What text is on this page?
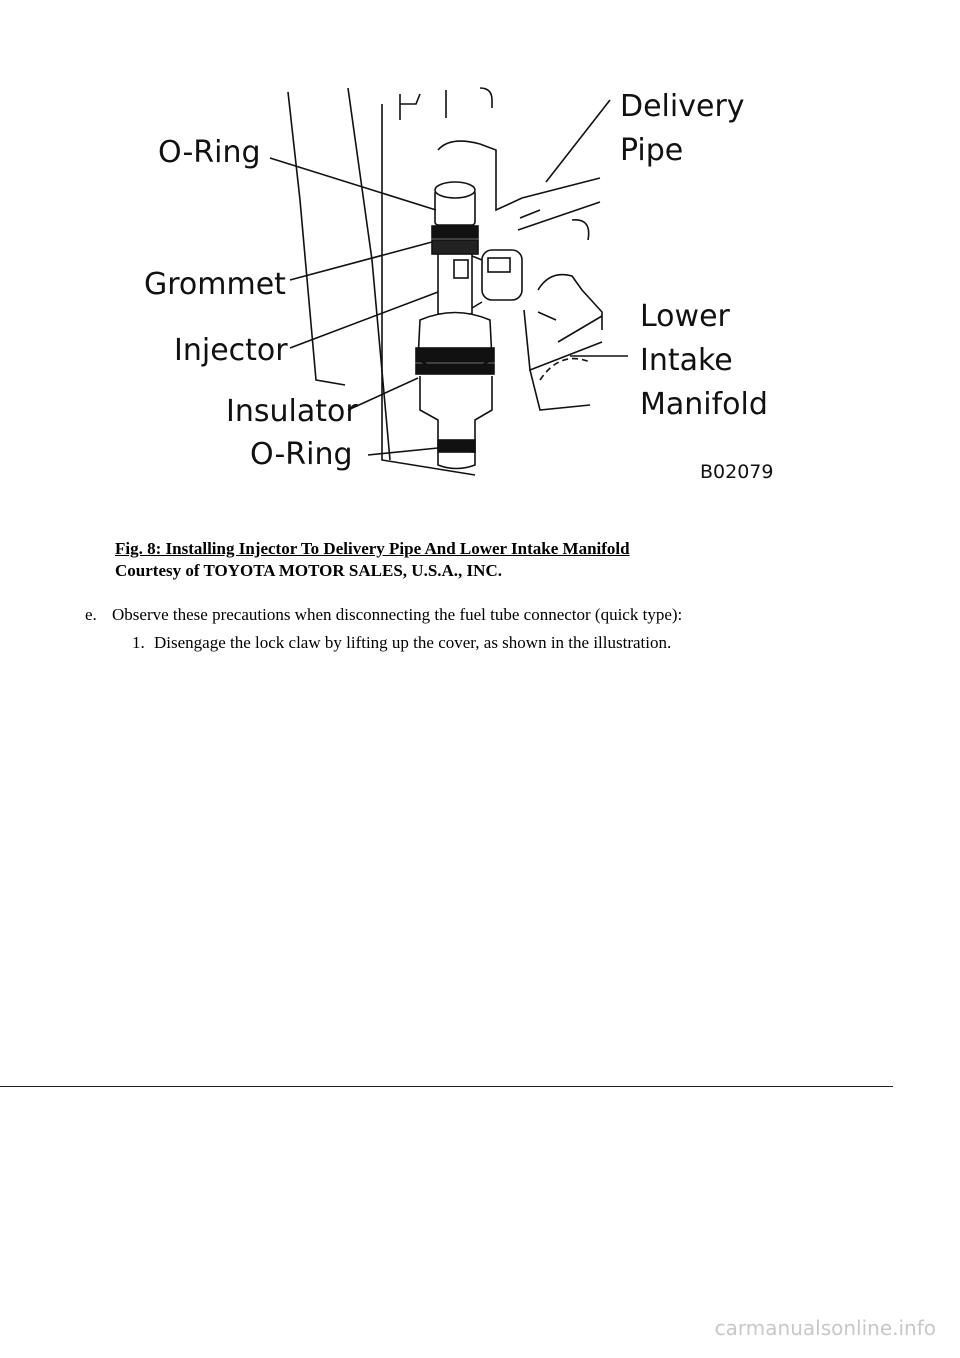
O-Ring
Grommet
Injector
Insulator
O-Ring
Delivery
Pipe
Lower
Intake
Manifold
B02079
Fig. 8: Installing Injector To Delivery Pipe And Lower Intake Manifold
Courtesy of TOYOTA MOTOR SALES, U.S.A., INC.
e. Observe these precautions when disconnecting the fuel tube connector (quick type):
1. Disengage the lock claw by lifting up the cover, as shown in the illustration.
carmanualsonline.info
